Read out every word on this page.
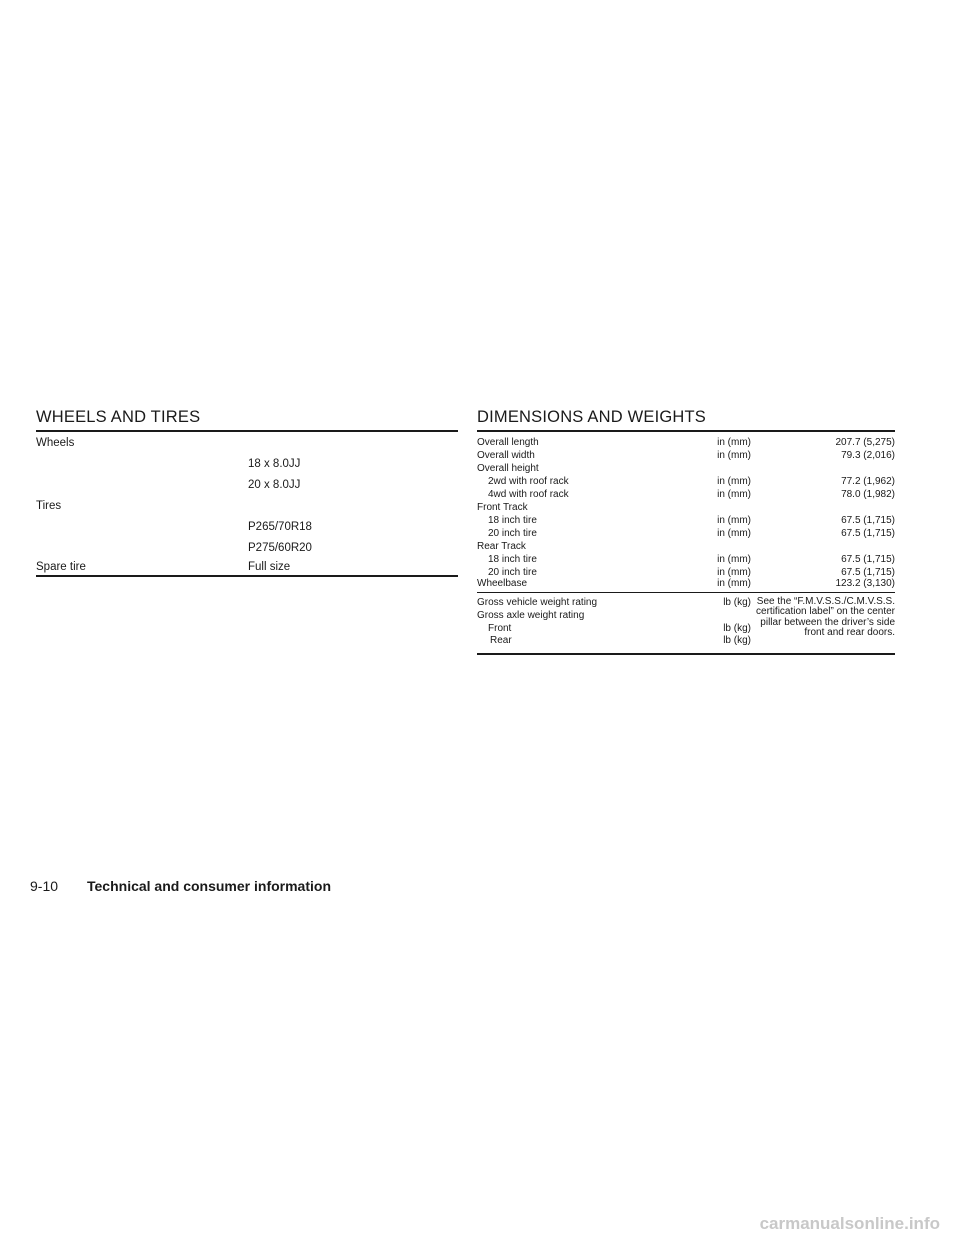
WHEELS AND TIRES
Wheels
18 x 8.0JJ
20 x 8.0JJ
Tires
P265/70R18
P275/60R20
Spare tire	Full size
DIMENSIONS AND WEIGHTS
Overall length	in (mm)	207.7 (5,275)
Overall width	in (mm)	79.3 (2,016)
Overall height
2wd with roof rack	in (mm)	77.2 (1,962)
4wd with roof rack	in (mm)	78.0 (1,982)
Front Track
18 inch tire	in (mm)	67.5 (1,715)
20 inch tire	in (mm)	67.5 (1,715)
Rear Track
18 inch tire	in (mm)	67.5 (1,715)
20 inch tire	in (mm)	67.5 (1,715)
Wheelbase	in (mm)	123.2 (3,130)
Gross vehicle weight rating	lb (kg)
Gross axle weight rating
Front	lb (kg)
Rear	lb (kg)
See the “F.M.V.S.S./C.M.V.S.S. certification label” on the center pillar between the driver’s side front and rear doors.
9-10 Technical and consumer information
carmanualsonline.info
